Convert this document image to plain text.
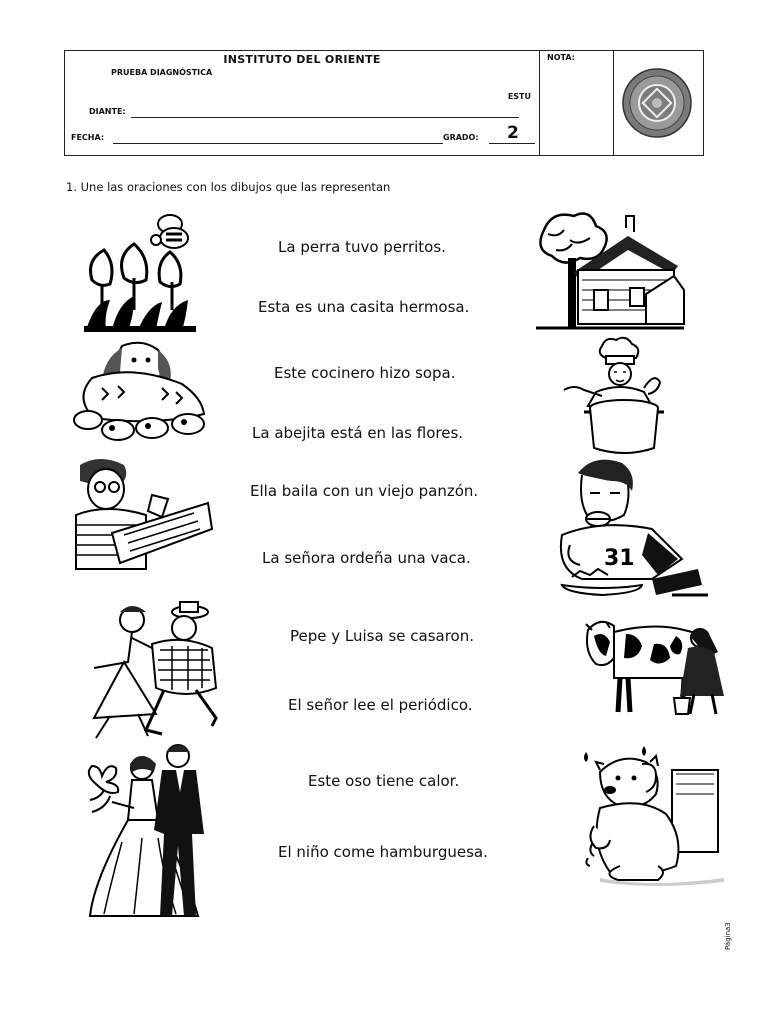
INSTITUTO DEL ORIENTE
PRUEBA DIAGNÓSTICA
ESTU
DIANTE:
FECHA:	GRADO: 2
NOTA:
1. Une las oraciones con los dibujos que las representan
31
La perra tuvo perritos.
Esta es una casita hermosa.
Este cocinero hizo sopa.
La abejita está en las flores.
Ella baila con un viejo panzón.
La señora ordeña una vaca.
Pepe y Luisa se casaron.
El señor lee el periódico.
Este oso tiene calor.
El niño come hamburguesa.
Página3
